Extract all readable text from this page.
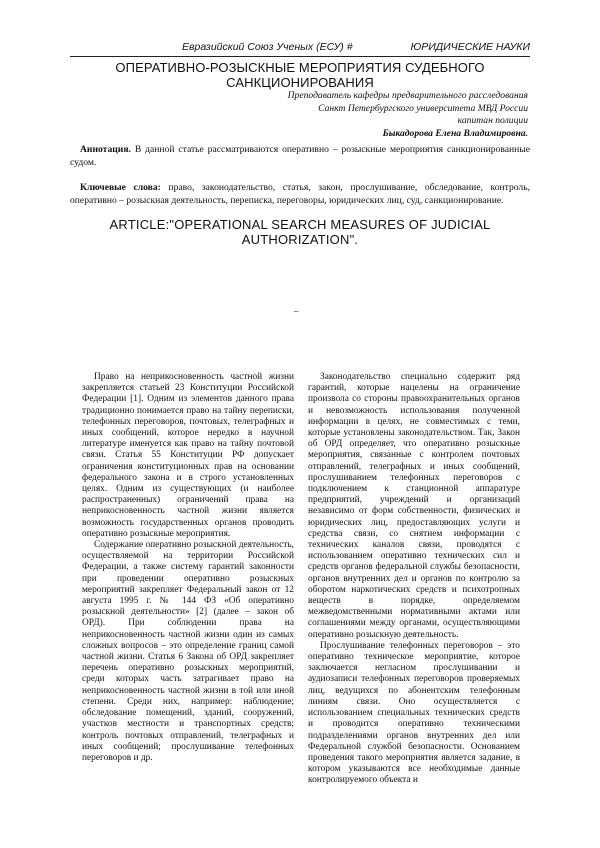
Евразийский Союз Ученых (ЕСУ) #	ЮРИДИЧЕСКИЕ НАУКИ
ОПЕРАТИВНО-РОЗЫСКНЫЕ МЕРОПРИЯТИЯ СУДЕБНОГО
САНКЦИОНИРОВАНИЯ
Преподаватель кафедры предварительного расследования
Санкт Петербургского университета МВД России
капитан полиции
Быкадорова Елена Владимировна.

Аннотация. В данной статье рассматриваются оперативно – розыскные мероприятия санкционированные судом.

Ключевые слова: право, законодательство, статья, закон, прослушивание, обследование, контроль, оперативно – розыскная деятельность, переписка, переговоры, юридических лиц, суд, санкционирование.

ARTICLE:"OPERATIONAL SEARCH MEASURES OF JUDICIAL
AUTHORIZATION".
–

Право на неприкосновенность частной жизни закрепляется статьей 23 Конституции Российской Федерации [1]. Одним из элементов данного права традиционно понимается право на тайну переписки, телефонных переговоров, почтовых, телеграфных и иных сообщений, которое нередко в научной литературе именуется как право на тайну почтовой связи. Статья 55 Конституции РФ допускает ограничения конституционных прав на основании федерального закона и в строго установленных целях. Одним из существующих (и наиболее распространенных) ограничений права на неприкосновенность частной жизни является возможность государственных органов проводить оперативно розыскные мероприятия.

Содержание оперативно розыскной деятельность, осуществляемой на территории Российской Федерации, а также систему гарантий законности при проведении оперативно розыскных мероприятий закрепляет Федеральный закон от 12 августа 1995 г. № 144 ФЗ «Об оперативно розыскной деятельности» [2] (далее – закон об ОРД). При соблюдении права на неприкосновенность частной жизни один из самых сложных вопросов – это определение границ самой частной жизни. Статья 6 Закона об ОРД закрепляет перечень оперативно розыскных мероприятий, среди которых часть затрагивает право на неприкосновенность частной жизни в той или иной степени. Среди них, например: наблюдение; обследование помещений, зданий, сооружений, участков местности и транспортных средств; контроль почтовых отправлений, телеграфных и иных сообщений; прослушивание телефонных переговоров и др.

Законодательство специально содержит ряд гарантий, которые нацелены на ограничение произвола со стороны правоохранительных органов и невозможность использования полученной информации в целях, не совместимых с теми, которые установлены законодательством. Так, Закон об ОРД определяет, что оперативно розыскные мероприятия, связанные с контролем почтовых отправлений, телеграфных и иных сообщений, прослушиванием телефонных переговоров с подключением к станционной аппаратуре предприятий, учреждений и организаций независимо от форм собственности, физических и юридических лиц, предоставляющих услуги и средства связи, со снятием информации с технических каналов связи, проводятся с использованием оперативно технических сил и средств органов федеральной службы безопасности, органов внутренних дел и органов по контролю за оборотом наркотических средств и психотропных веществ в порядке, определяемом межведомственными нормативными актами или соглашениями между органами, осуществляющими оперативно розыскную деятельность.

Прослушивание телефонных переговоров – это оперативно техническое мероприятие, которое заключается негласном прослушивании и аудиозаписи телефонных переговоров проверяемых лиц, ведущихся по абонентским телефонным линиям связи. Оно осуществляется с использованием специальных технических средств и проводится оперативно техническими подразделениями органов внутренних дел или Федеральной службой безопасности. Основанием проведения такого мероприятия является задание, в котором указываются все необходимые данные контролируемого объекта и
